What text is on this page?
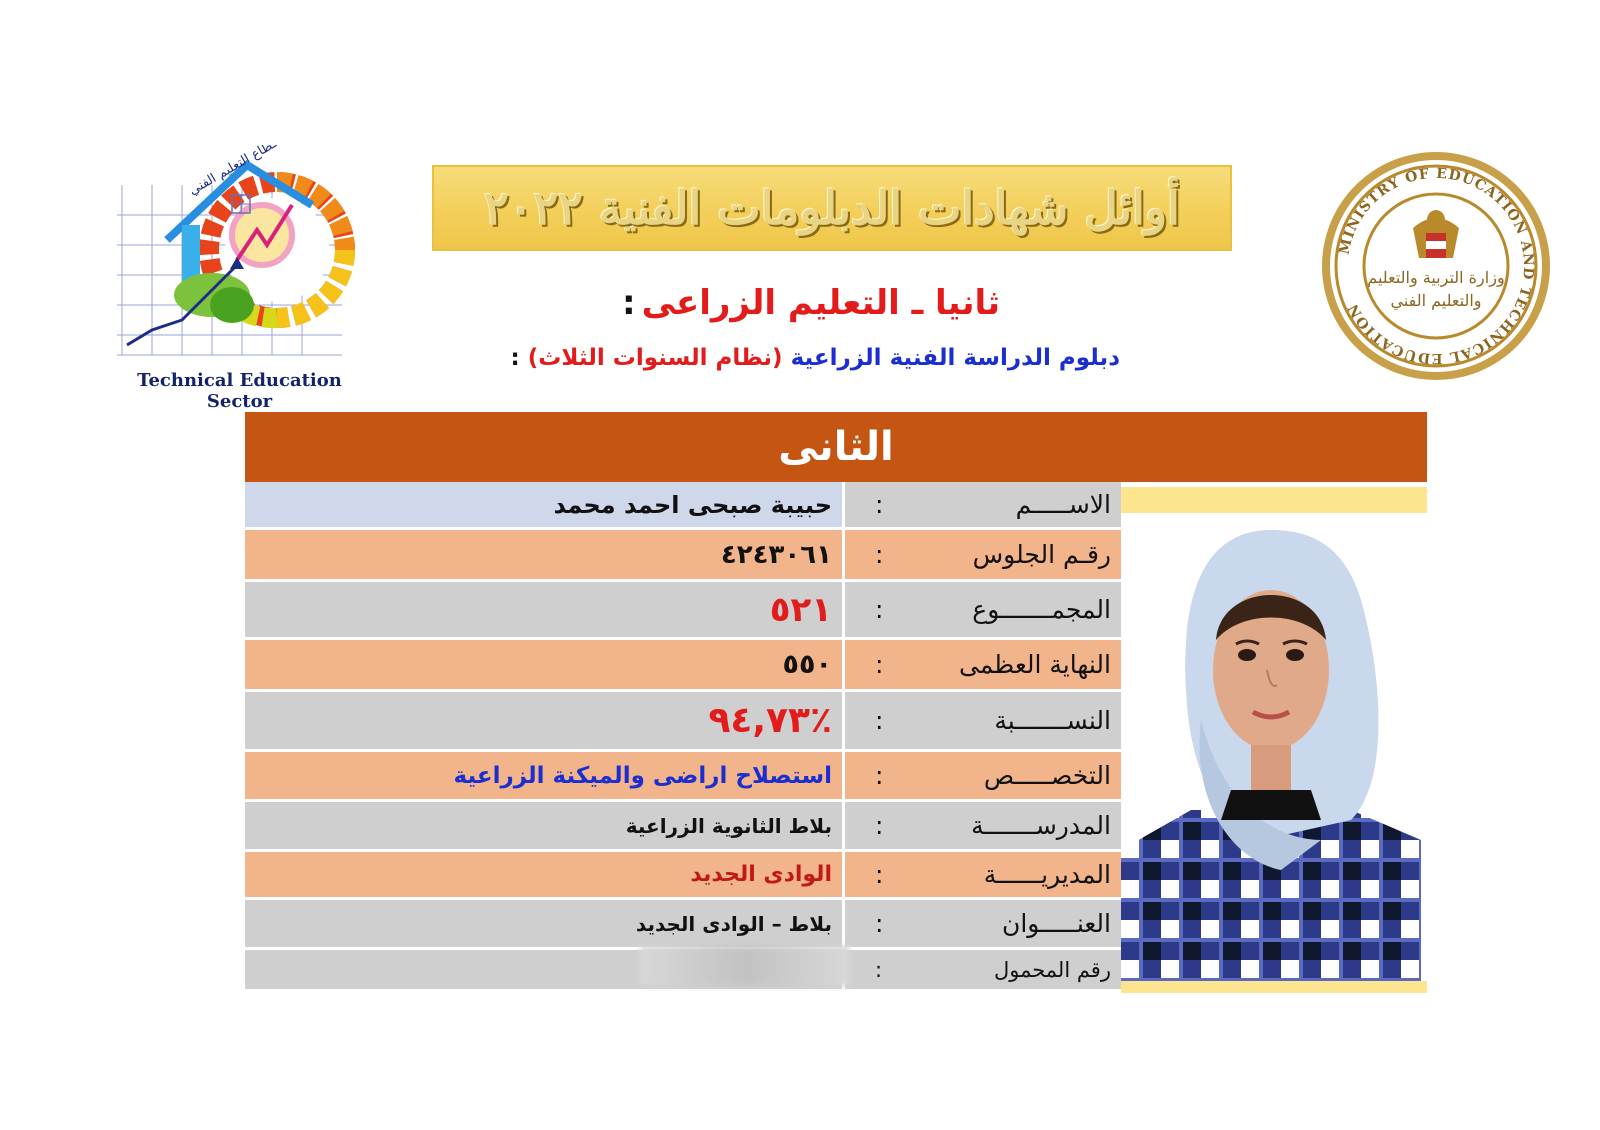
أوائل شهادات الدبلومات الفنية ٢٠٢٢
ثانيا ـ التعليم الزراعى:
دبلوم الدراسة الفنية الزراعية (نظام السنوات الثلاث) :
قطاع التعليم الفني
Technical Education Sector
MINISTRY OF EDUCATION AND TECHNICAL EDUCATION
وزارة التربية والتعليم
والتعليم الفني
الثانى
حبيبة صبحى احمد محمد	الاســـــم
:
٤٢٤٣٠٦١	رقـم الجلوس
:
٥٢١	المجمـــــــوع
:
٥٥٠	النهاية العظمى
:
٩٤,٧٣٪	النســـــــبة
:
استصلاح اراضى والميكنة الزراعية	التخصـــــص
:
بلاط الثانوية الزراعية	المدرســـــــة
:
الوادى الجديد	المديريــــــة
:
بلاط – الوادى الجديد	العنـــــوان
:
رقم المحمول
:
